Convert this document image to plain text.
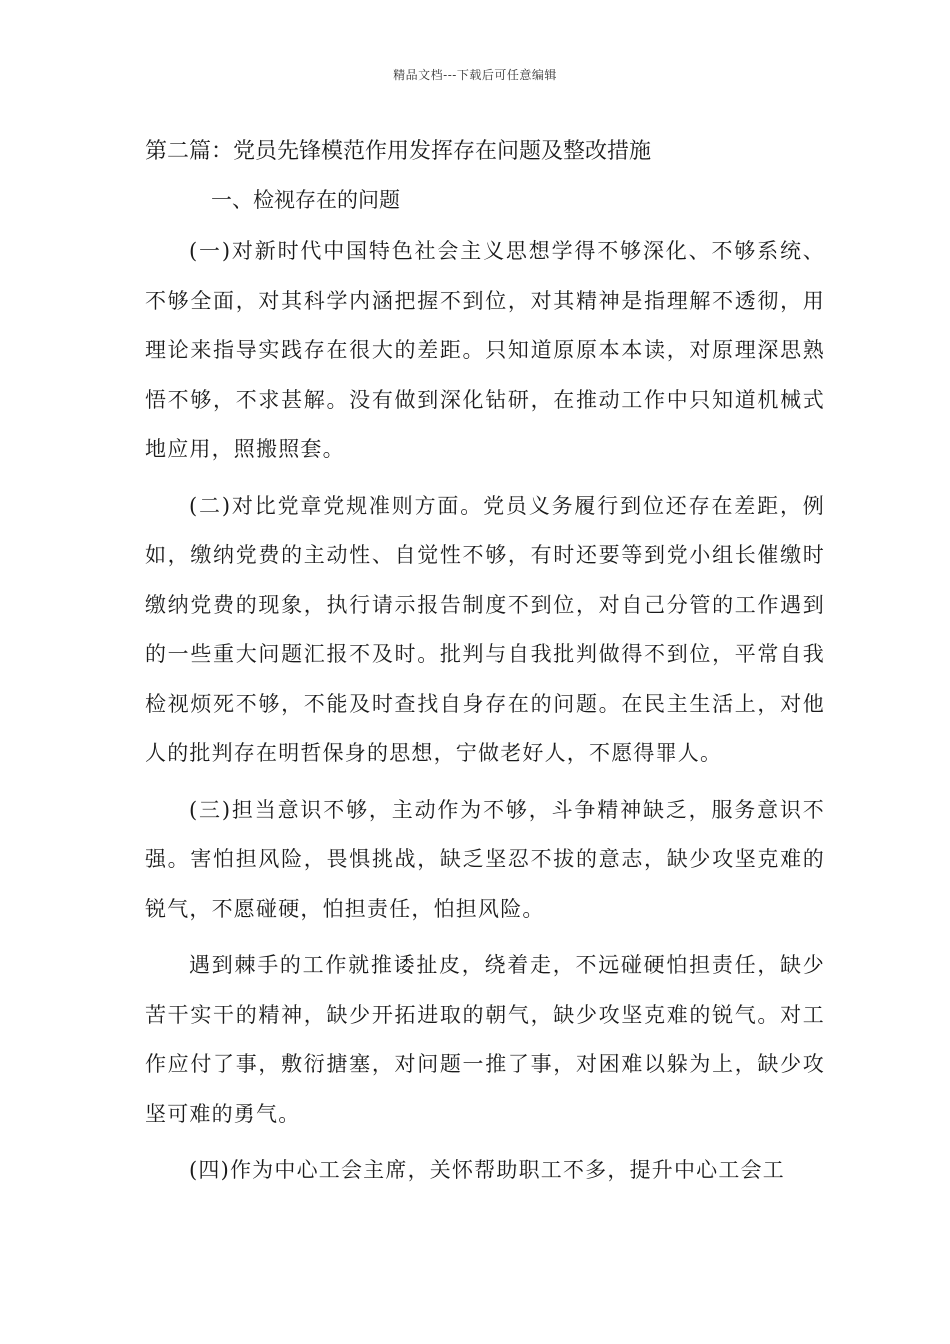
精品文档---下载后可任意编辑
第二篇：党员先锋模范作用发挥存在问题及整改措施
一、检视存在的问题

(一)对新时代中国特色社会主义思想学得不够深化、不够系统、不够全面，对其科学内涵把握不到位，对其精神是指理解不透彻，用理论来指导实践存在很大的差距。只知道原原本本读，对原理深思熟悟不够，不求甚解。没有做到深化钻研，在推动工作中只知道机械式地应用，照搬照套。

(二)对比党章党规准则方面。党员义务履行到位还存在差距，例如，缴纳党费的主动性、自觉性不够，有时还要等到党小组长催缴时缴纳党费的现象，执行请示报告制度不到位，对自己分管的工作遇到的一些重大问题汇报不及时。批判与自我批判做得不到位，平常自我检视烦死不够，不能及时查找自身存在的问题。在民主生活上，对他人的批判存在明哲保身的思想，宁做老好人，不愿得罪人。

(三)担当意识不够，主动作为不够，斗争精神缺乏，服务意识不强。害怕担风险，畏惧挑战，缺乏坚忍不拔的意志，缺少攻坚克难的锐气，不愿碰硬，怕担责任，怕担风险。

遇到棘手的工作就推诿扯皮，绕着走，不远碰硬怕担责任，缺少苦干实干的精神，缺少开拓进取的朝气，缺少攻坚克难的锐气。对工作应付了事，敷衍搪塞，对问题一推了事，对困难以躲为上，缺少攻坚可难的勇气。

(四)作为中心工会主席，关怀帮助职工不多，提升中心工会工
